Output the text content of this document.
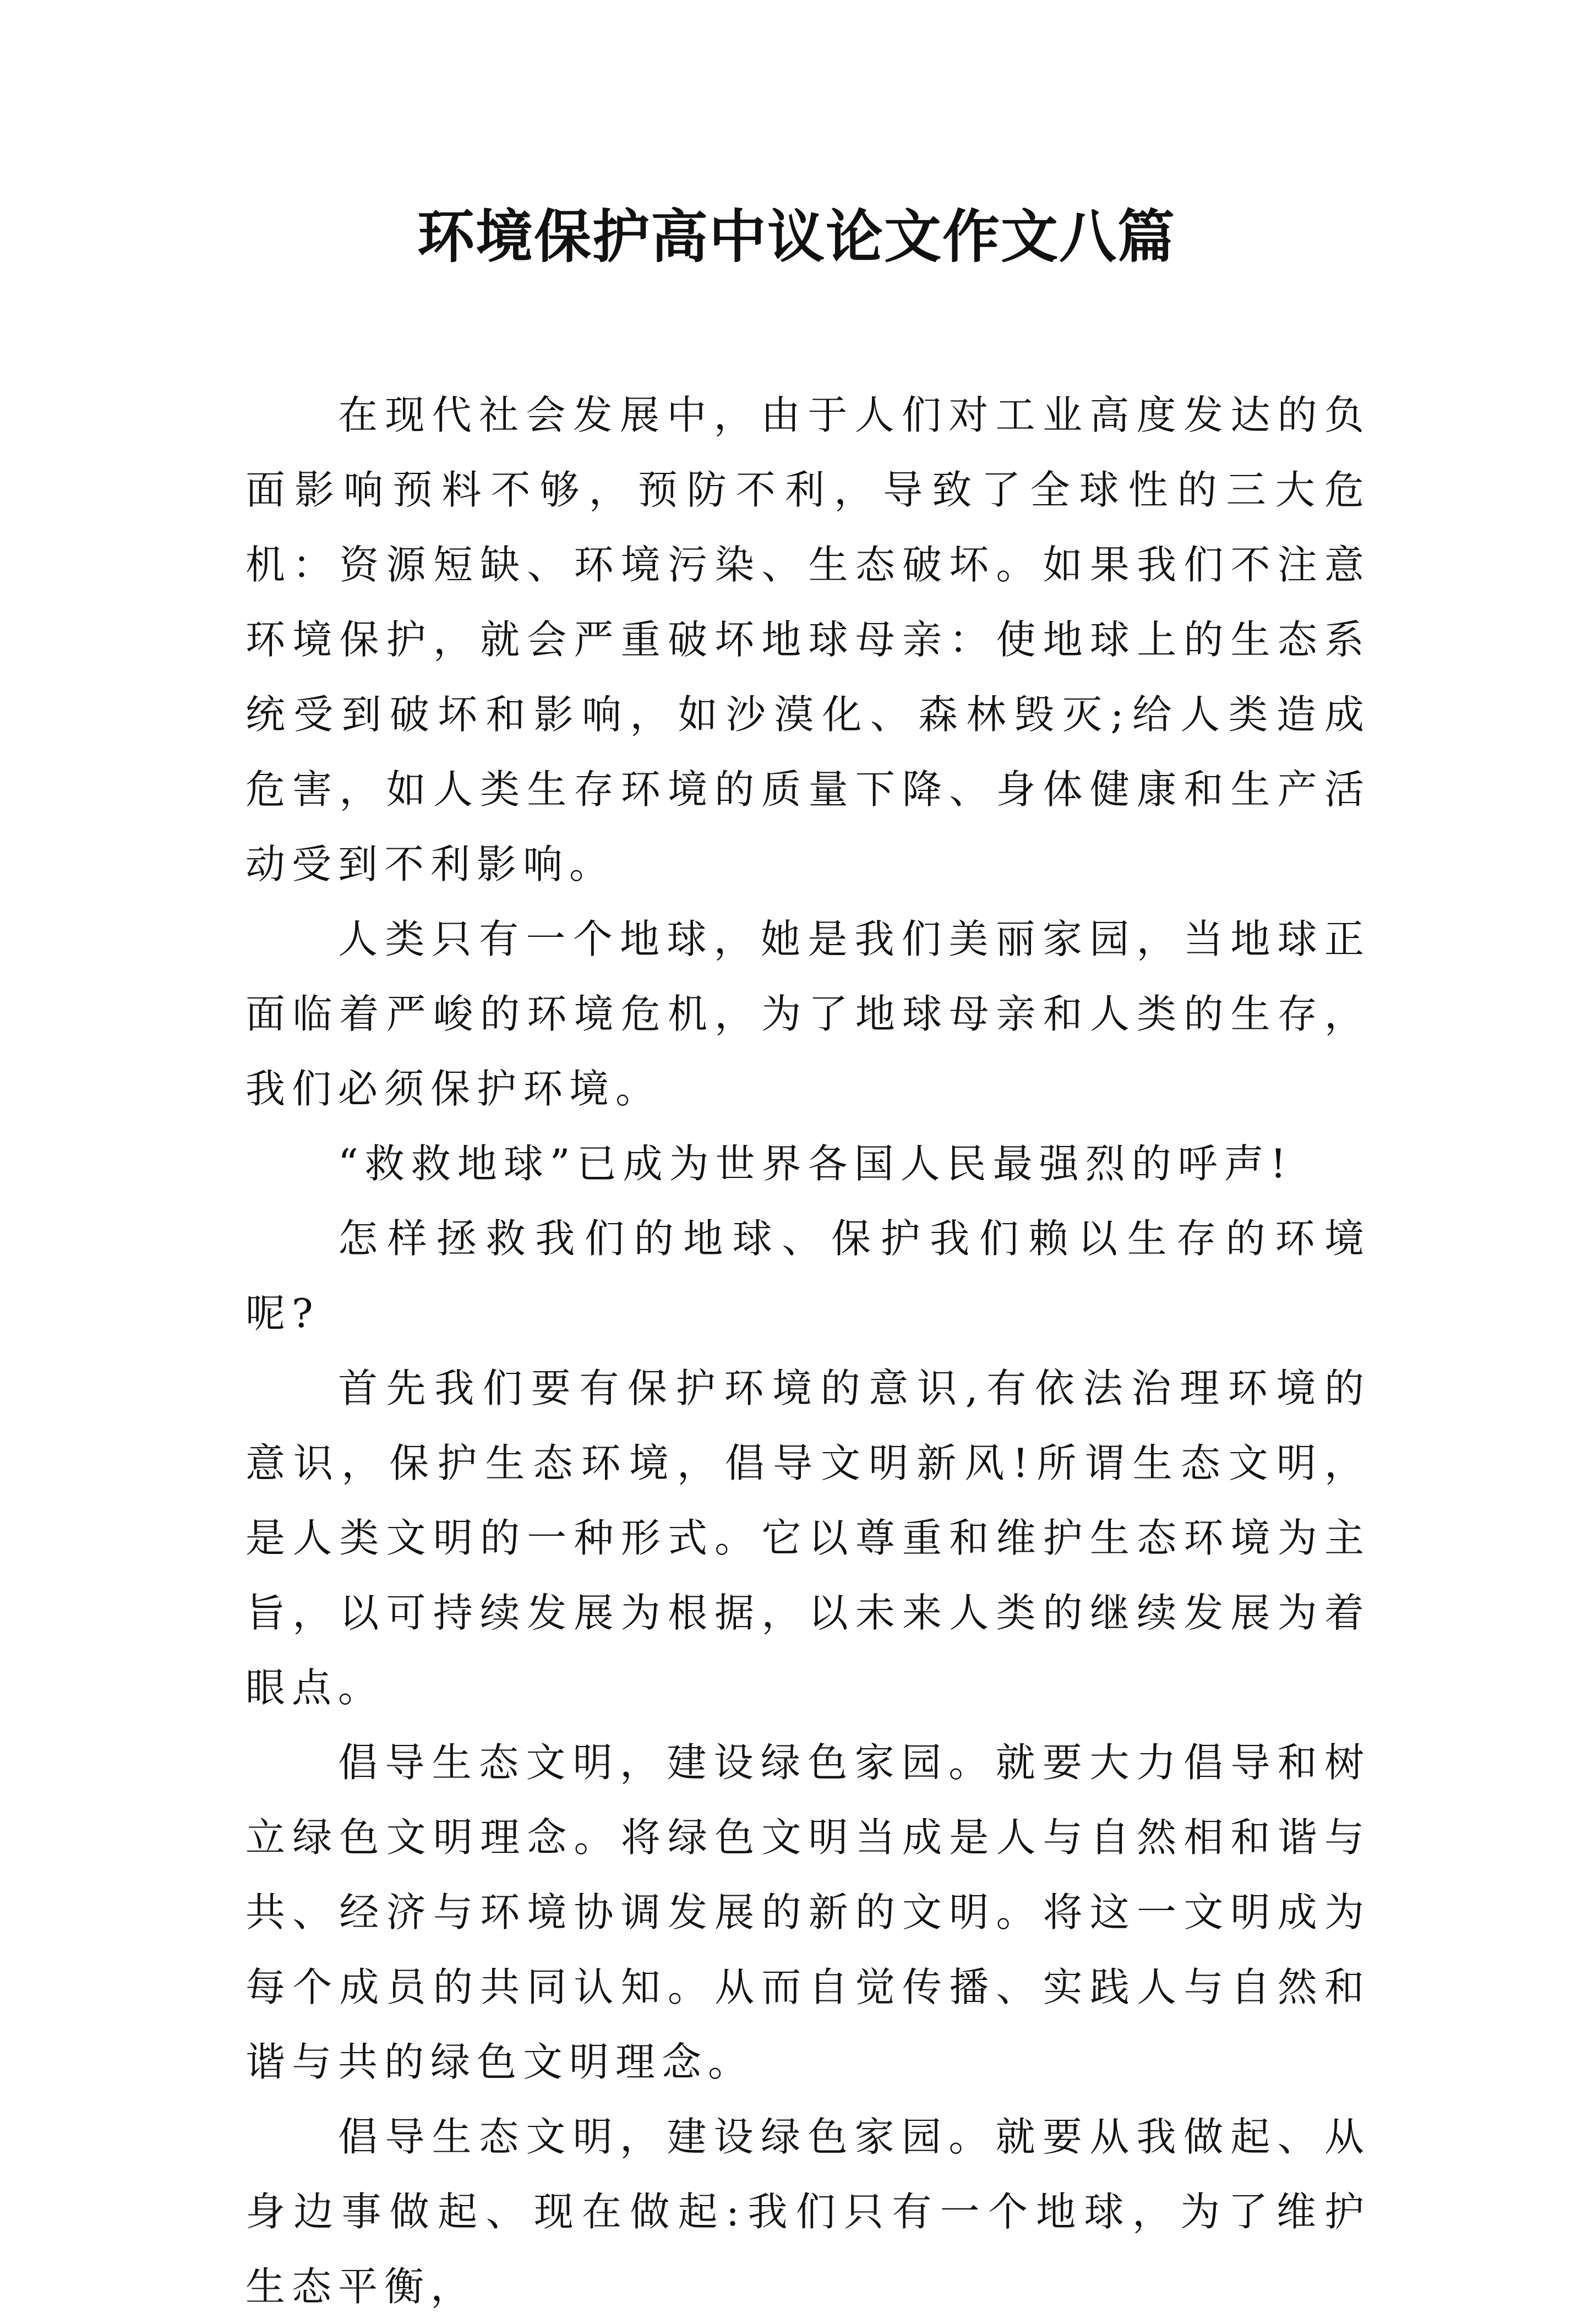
环境保护高中议论文作文八篇

在现代社会发展中，由于人们对工业高度发达的负面影响预料不够，预防不利，导致了全球性的三大危机：资源短缺、环境污染、生态破坏。如果我们不注意环境保护，就会严重破坏地球母亲：使地球上的生态系统受到破坏和影响，如沙漠化、森林毁灭;给人类造成危害，如人类生存环境的质量下降、身体健康和生产活动受到不利影响。

人类只有一个地球，她是我们美丽家园，当地球正面临着严峻的环境危机，为了地球母亲和人类的生存，我们必须保护环境。

“救救地球”已成为世界各国人民最强烈的呼声!

怎样拯救我们的地球、保护我们赖以生存的环境呢?

首先我们要有保护环境的意识,有依法治理环境的意识，保护生态环境，倡导文明新风!所谓生态文明，是人类文明的一种形式。它以尊重和维护生态环境为主旨，以可持续发展为根据，以未来人类的继续发展为着眼点。

倡导生态文明，建设绿色家园。就要大力倡导和树立绿色文明理念。将绿色文明当成是人与自然相和谐与共、经济与环境协调发展的新的文明。将这一文明成为每个成员的共同认知。从而自觉传播、实践人与自然和谐与共的绿色文明理念。

倡导生态文明，建设绿色家园。就要从我做起、从身边事做起、现在做起:我们只有一个地球，为了维护生态平衡，
